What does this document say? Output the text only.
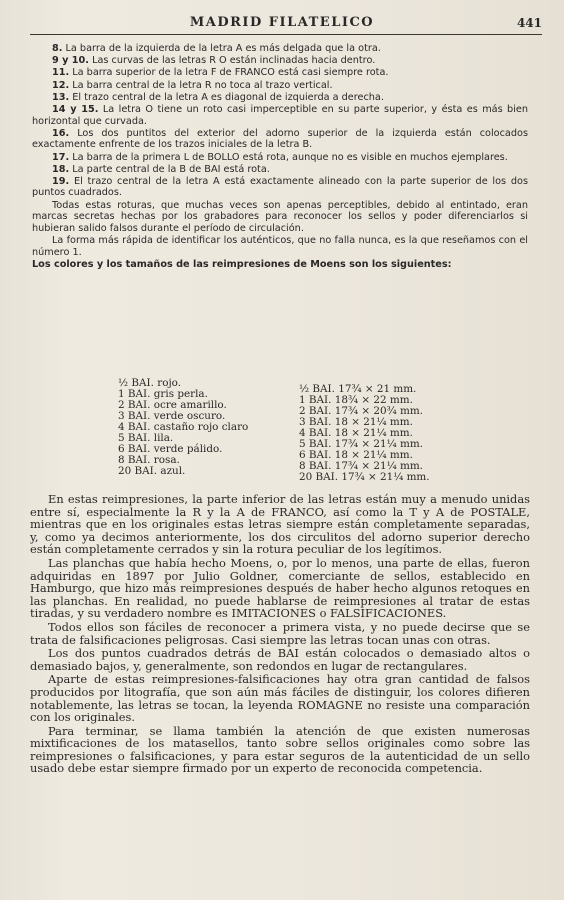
MADRID FILATELICO	441

8. La barra de la izquierda de la letra A es más delgada que la otra.

9 y 10. Las curvas de las letras R O están inclinadas hacia dentro.

11. La barra superior de la letra F de FRANCO está casi siempre rota.

12. La barra central de la letra R no toca al trazo vertical.

13. El trazo central de la letra A es diagonal de izquierda a derecha.

14 y 15. La letra O tiene un roto casi imperceptible en su parte superior, y ésta es más bien horizontal que curvada.

16. Los dos puntitos del exterior del adorno superior de la izquierda están colocados exactamente enfrente de los trazos iniciales de la letra B.

17. La barra de la primera L de BOLLO está rota, aunque no es visible en muchos ejemplares.

18. La parte central de la B de BAI está rota.

19. El trazo central de la letra A está exactamente alineado con la parte superior de los dos puntos cuadrados.

Todas estas roturas, que muchas veces son apenas perceptibles, debido al entintado, eran marcas secretas hechas por los grabadores para reconocer los sellos y poder diferenciarlos si hubieran salido falsos durante el período de circulación.

La forma más rápida de identificar los auténticos, que no falla nunca, es la que reseñamos con el número 1.

Los colores y los tamaños de las reimpresiones de Moens son los siguientes:

½ BAI. rojo.
1 BAI. gris perla.
2 BAI. ocre amarillo.
3 BAI. verde oscuro.
4 BAI. castaño rojo claro
5 BAI. lila.
6 BAI. verde pálido.
8 BAI. rosa.
20 BAI. azul.
½ BAI. 17¾ × 21 mm.
1 BAI. 18¾ × 22 mm.
2 BAI. 17¾ × 20¾ mm.
3 BAI. 18 × 21¼ mm.
4 BAI. 18 × 21¼ mm.
5 BAI. 17¾ × 21¼ mm.
6 BAI. 18 × 21¼ mm.
8 BAI. 17¾ × 21¼ mm.
20 BAI. 17¾ × 21¼ mm.

En estas reimpresiones, la parte inferior de las letras están muy a menudo unidas entre sí, especialmente la R y la A de FRANCO, así como la T y A de POSTALE, mientras que en los originales estas letras siempre están completamente separadas, y, como ya decimos anteriormente, los dos circulitos del adorno superior derecho están completamente cerrados y sin la rotura peculiar de los legítimos.

Las planchas que había hecho Moens, o, por lo menos, una parte de ellas, fueron adquiridas en 1897 por Julio Goldner, comerciante de sellos, establecido en Hamburgo, que hizo más reimpresiones después de haber hecho algunos retoques en las planchas. En realidad, no puede hablarse de reimpresiones al tratar de estas tiradas, y su verdadero nombre es IMITACIONES o FALSIFICACIONES.

Todos ellos son fáciles de reconocer a primera vista, y no puede decirse que se trata de falsificaciones peligrosas. Casi siempre las letras tocan unas con otras.

Los dos puntos cuadrados detrás de BAI están colocados o demasiado altos o demasiado bajos, y, generalmente, son redondos en lugar de rectangulares.

Aparte de estas reimpresiones-falsificaciones hay otra gran cantidad de falsos producidos por litografía, que son aún más fáciles de distinguir, los colores difieren notablemente, las letras se tocan, la leyenda ROMAGNE no resiste una comparación con los originales.

Para terminar, se llama también la atención de que existen numerosas mixtificaciones de los matasellos, tanto sobre sellos originales como sobre las reimpresiones o falsificaciones, y para estar seguros de la autenticidad de un sello usado debe estar siempre firmado por un experto de reconocida competencia.
